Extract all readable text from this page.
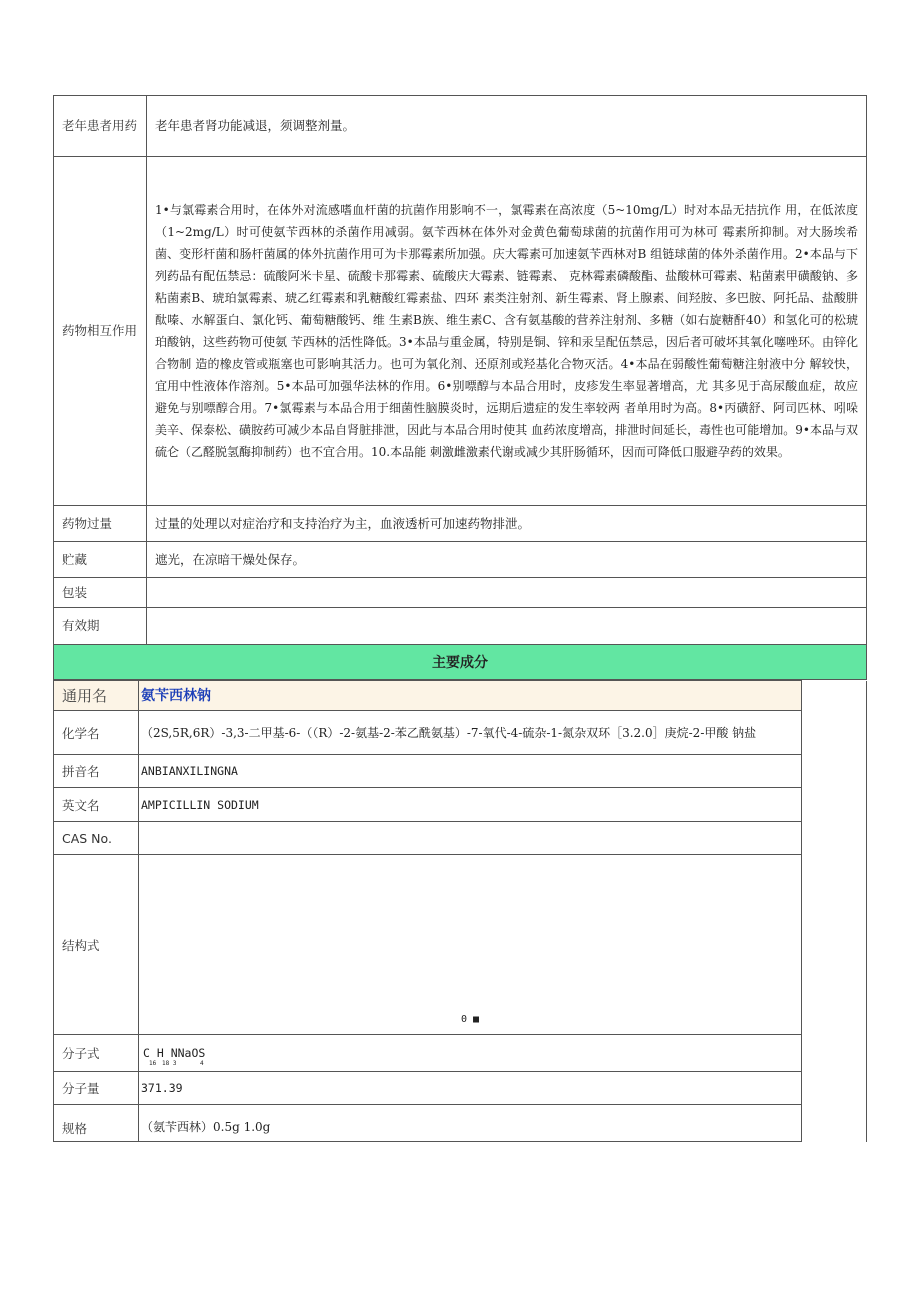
老年患者用药	老年患者肾功能减退，须调整剂量。
药物相互作用	1•与氯霉素合用时，在体外对流感嗜血杆菌的抗菌作用影响不一，氯霉素在高浓度（5~10mg/L）时对本品无拮抗作 用，在低浓度（1~2mg/L）时可使氨苄西林的杀菌作用减弱。氨苄西林在体外对金黄色葡萄球菌的抗菌作用可为林可 霉素所抑制。对大肠埃希菌、变形杆菌和肠杆菌属的体外抗菌作用可为卡那霉素所加强。庆大霉素可加速氨苄西林对B 组链球菌的体外杀菌作用。2•本品与下列药品有配伍禁忌：硫酸阿米卡星、硫酸卡那霉素、硫酸庆大霉素、链霉素、 克林霉素磷酸酯、盐酸林可霉素、粘菌素甲磺酸钠、多粘菌素B、琥珀氯霉素、琥乙红霉素和乳糖酸红霉素盐、四环 素类注射剂、新生霉素、肾上腺素、间羟胺、多巴胺、阿托品、盐酸肼酞嗪、水解蛋白、氯化钙、葡萄糖酸钙、维 生素B族、维生素C、含有氨基酸的营养注射剂、多糖（如右旋糖酐40）和氢化可的松琥珀酸钠，这些药物可使氨 苄西林的活性降低。3•本品与重金属，特别是铜、锌和汞呈配伍禁忌，因后者可破坏其氧化噻唑环。由锌化合物制 造的橡皮管或瓶塞也可影响其活力。也可为氧化剂、还原剂或羟基化合物灭活。4•本品在弱酸性葡萄糖注射液中分 解较快，宜用中性液体作溶剂。5•本品可加强华法林的作用。6•别嘌醇与本品合用时，皮疹发生率显著增高，尤 其多见于高尿酸血症，故应避免与别嘌醇合用。7•氯霉素与本品合用于细菌性脑膜炎时，远期后遗症的发生率较两 者单用时为高。8•丙磺舒、阿司匹林、吲哚美辛、保泰松、磺胺药可减少本品自肾脏排泄，因此与本品合用时使其 血药浓度增高，排泄时间延长，毒性也可能增加。9•本品与双硫仑（乙醛脱氢酶抑制药）也不宜合用。10.本品能 刺激雌激素代谢或减少其肝肠循环，因而可降低口服避孕药的效果。
药物过量	过量的处理以对症治疗和支持治疗为主，血液透析可加速药物排泄。
贮藏	遮光，在凉暗干燥处保存。
包装	
有效期	
主要成分	
通用名	氨苄西林钠	
化学名	（2S,5R,6R）-3,3-二甲基-6-（（R）-2-氨基-2-苯乙酰氨基）-7-氧代-4-硫杂-1-氮杂双环［3.2.0］庚烷-2-甲酸 钠盐	
拼音名	ANBIANXILINGNA	
英文名	AMPICILLIN SODIUM	
CAS No.		
结构式	0 ■	

分子式	C H NNaOS
16 18 3 4	

分子量	371.39	
规格	（氨苄西林）0.5g 1.0g	
